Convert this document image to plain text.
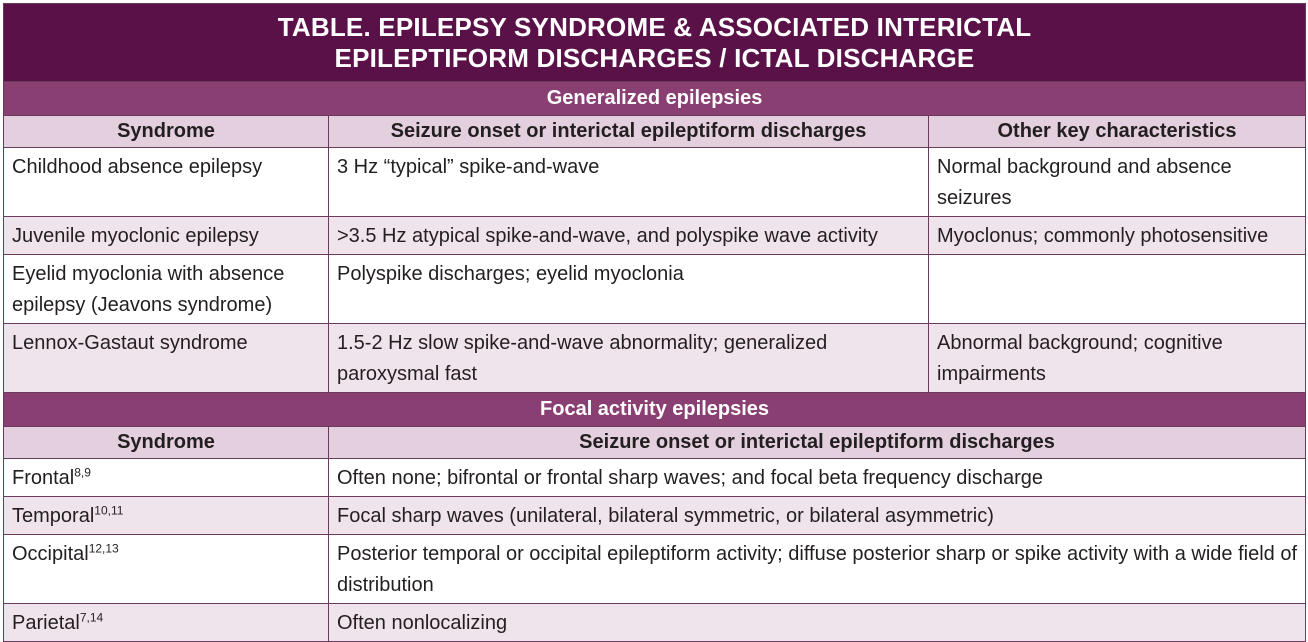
TABLE. EPILEPSY SYNDROME & ASSOCIATED INTERICTAL
EPILEPTIFORM DISCHARGES / ICTAL DISCHARGE		

Generalized epilepsies		
Syndrome	Seizure onset or interictal epileptiform discharges	Other key characteristics
Childhood absence epilepsy	3 Hz “typical” spike-and-wave	Normal background and absence seizures
Juvenile myoclonic epilepsy	>3.5 Hz atypical spike-and-wave, and polyspike wave activity	Myoclonus; commonly photosensitive
Eyelid myoclonia with absence epilepsy (Jeavons syndrome)	Polyspike discharges; eyelid myoclonia	
Lennox-Gastaut syndrome	1.5-2 Hz slow spike-and-wave abnormality; generalized paroxysmal fast	Abnormal background; cognitive impairments
Focal activity epilepsies		
Syndrome	Seizure onset or interictal epileptiform discharges	
Frontal$^{8,9}$	Often none; bifrontal or frontal sharp waves; and focal beta frequency discharge	
Temporal$^{10,11}$	Focal sharp waves (unilateral, bilateral symmetric, or bilateral asymmetric)	
Occipital$^{12,13}$	Posterior temporal or occipital epileptiform activity; diffuse posterior sharp or spike activity with a wide field of distribution	
Parietal$^{7,14}$	Often nonlocalizing	
